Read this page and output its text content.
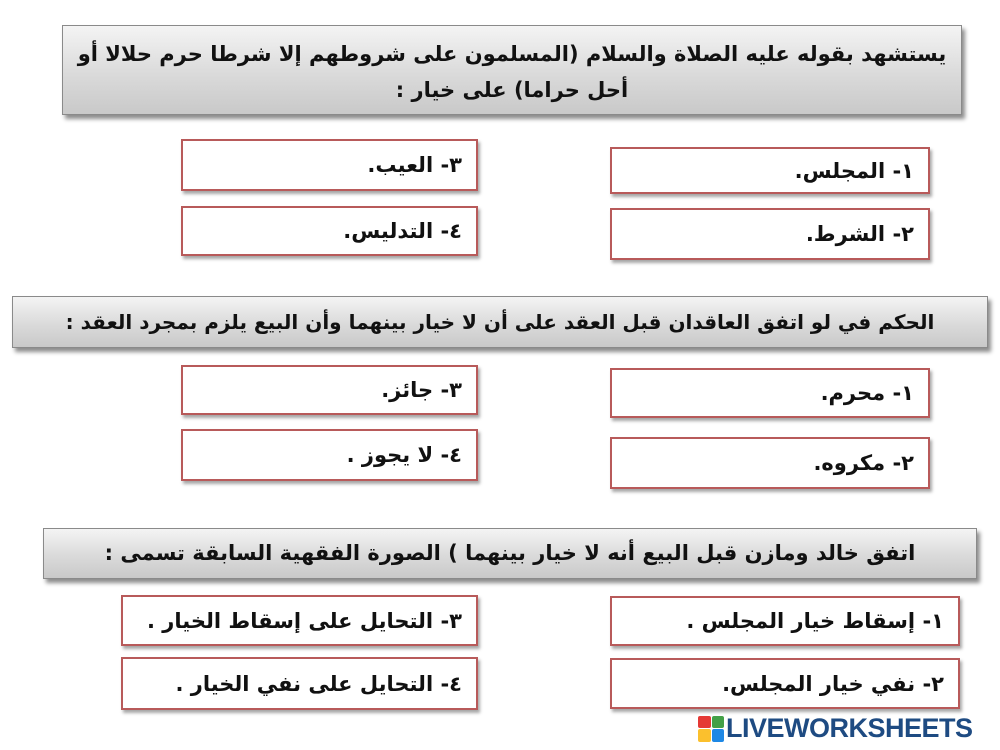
يستشهد بقوله عليه الصلاة والسلام (المسلمون على شروطهم إلا شرطا حرم حلالا أو أحل حراما) على خيار :
١- المجلس.
٢- الشرط.
٣- العيب.
٤- التدليس.
الحكم في لو اتفق العاقدان قبل العقد على أن لا خيار بينهما وأن البيع يلزم بمجرد العقد :
١- محرم.
٢- مكروه.
٣- جائز.
٤- لا يجوز .
اتفق خالد ومازن قبل البيع أنه لا خيار بينهما ) الصورة الفقهية السابقة تسمى :
١- إسقاط خيار المجلس .
٢- نفي خيار المجلس.
٣- التحايل على إسقاط الخيار .
٤- التحايل على نفي الخيار .
LIVEWORKSHEETS
